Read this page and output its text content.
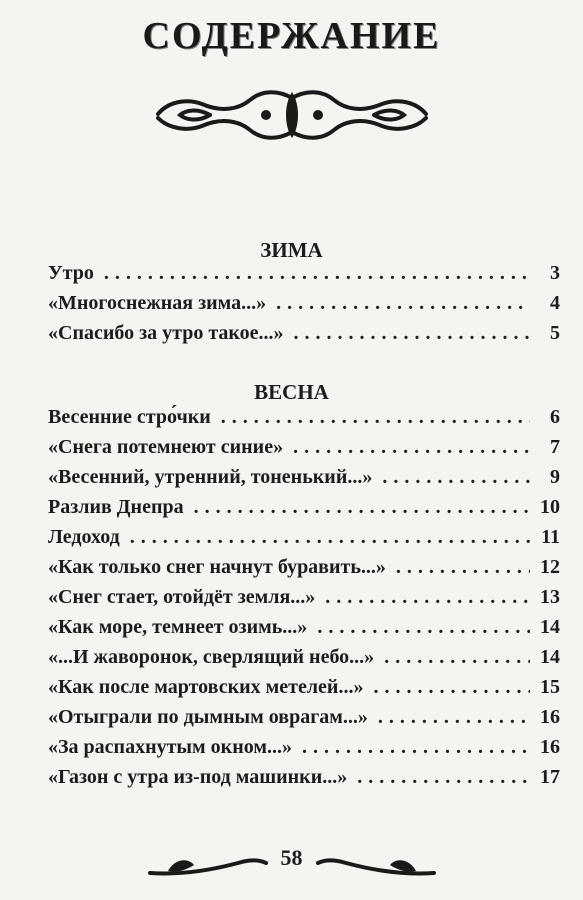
СОДЕРЖАНИЕ
ЗИМА
Утро .....	3
«Многоснежная зима...» .....	4
«Спасибо за утро такое...» .....	5
ВЕСНА
Весенние стро́чки .....	6
«Снега потемнеют синие» .....	7
«Весенний, утренний, тоненький...» .....	9
Разлив Днепра .....	10
Ледоход .....	11
«Как только снег начнут буравить...» .....	12
«Снег стает, отойдёт земля...» .....	13
«Как море, темнеет озимь...» .....	14
«...И жаворонок, сверлящий небо...» .....	14
«Как после мартовских метелей...» .....	15
«Отыграли по дымным оврагам...» .....	16
«За распахнутым окном...» .....	16
«Газон с утра из-под машинки...» .....	17
58
